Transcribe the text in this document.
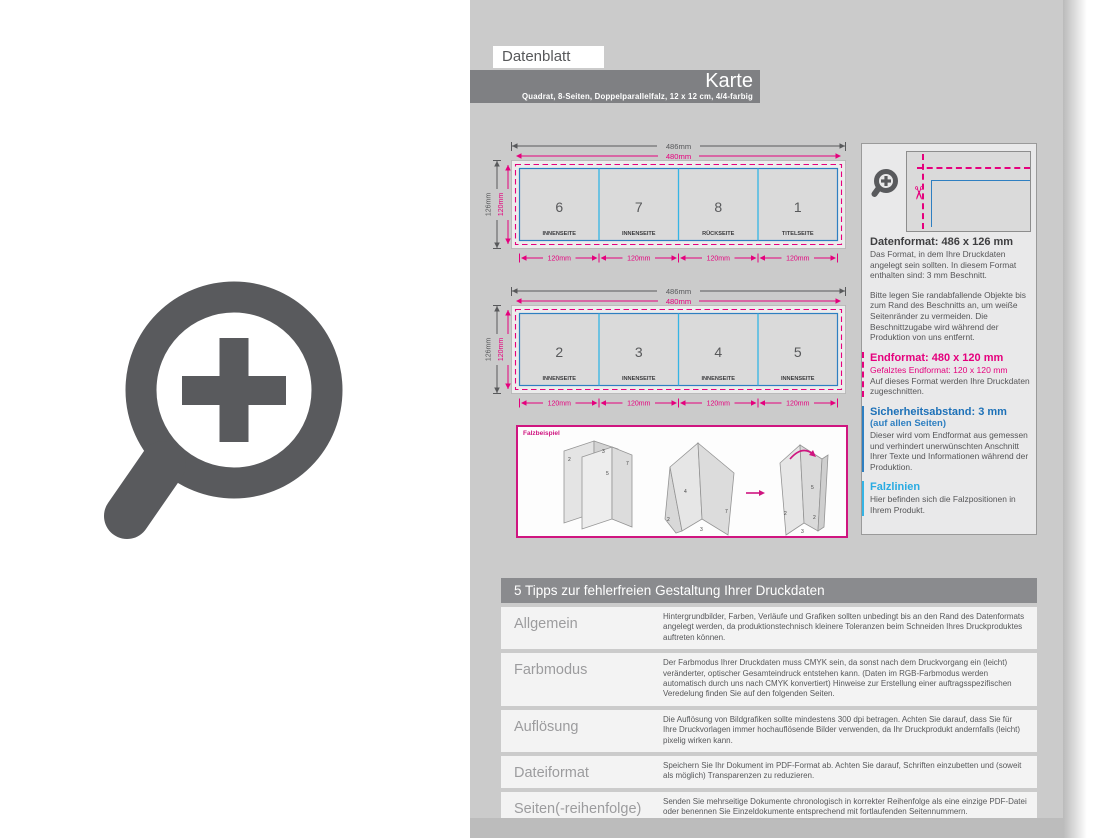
Datenblatt
Karte
Quadrat, 8-Seiten, Doppelparallelfalz, 12 x 12 cm, 4/4-farbig
486mm
480mm
126mm 120mm	6	7	8	1
INNENSEITE	INNENSEITE	RÜCKSEITE	TITELSEITE
120mm	120mm	120mm	120mm
486mm
480mm
126mm 120mm	2	3	4	5
INNENSEITE	INNENSEITE	INNENSEITE	INNENSEITE
120mm	120mm	120mm	120mm
Falzbeispiel
2
3
7
5
4
2
3
7	2
5
2
3
✂
Datenformat: 486 x 126 mm
Das Format, in dem Ihre Druckdaten angelegt sein sollten. In diesem Format enthalten sind: 3 mm Beschnitt.
Bitte legen Sie randabfallende Objekte bis zum Rand des Beschnitts an, um weiße Seitenränder zu vermeiden. Die Beschnittzugabe wird während der Produktion von uns entfernt.
Endformat: 480 x 120 mm
Gefalztes Endformat: 120 x 120 mm
Auf dieses Format werden Ihre Druckdaten zugeschnitten.
Sicherheitsabstand: 3 mm
(auf allen Seiten)
Dieser wird vom Endformat aus gemessen und verhindert unerwünschten Anschnitt Ihrer Texte und Informationen während der Produktion.
Falzlinien
Hier befinden sich die Falzpositionen in Ihrem Produkt.
5 Tipps zur fehlerfreien Gestaltung Ihrer Druckdaten
Allgemein	Hintergrundbilder, Farben, Verläufe und Grafiken sollten unbedingt bis an den Rand des Datenformats angelegt werden, da produktionstechnisch kleinere Toleranzen beim Schneiden Ihres Druckproduktes auftreten können.
Farbmodus	Der Farbmodus Ihrer Druckdaten muss CMYK sein, da sonst nach dem Druckvorgang ein (leicht) veränderter, optischer Gesamteindruck entstehen kann. (Daten im RGB-Farbmodus werden automatisch durch uns nach CMYK konvertiert) Hinweise zur Erstellung einer auftragsspezifischen Veredelung finden Sie auf den folgenden Seiten.
Auflösung	Die Auflösung von Bildgrafiken sollte mindestens 300 dpi betragen. Achten Sie darauf, dass Sie für Ihre Druckvorlagen immer hochauflösende Bilder verwenden, da Ihr Druckprodukt andernfalls (leicht) pixelig wirken kann.
Dateiformat	Speichern Sie Ihr Dokument im PDF-Format ab. Achten Sie darauf, Schriften einzubetten und (soweit als möglich) Transparenzen zu reduzieren.
Seiten(-reihenfolge)	Senden Sie mehrseitige Dokumente chronologisch in korrekter Reihenfolge als eine einzige PDF-Datei oder benennen Sie Einzeldokumente entsprechend mit fortlaufenden Seitennummern.
